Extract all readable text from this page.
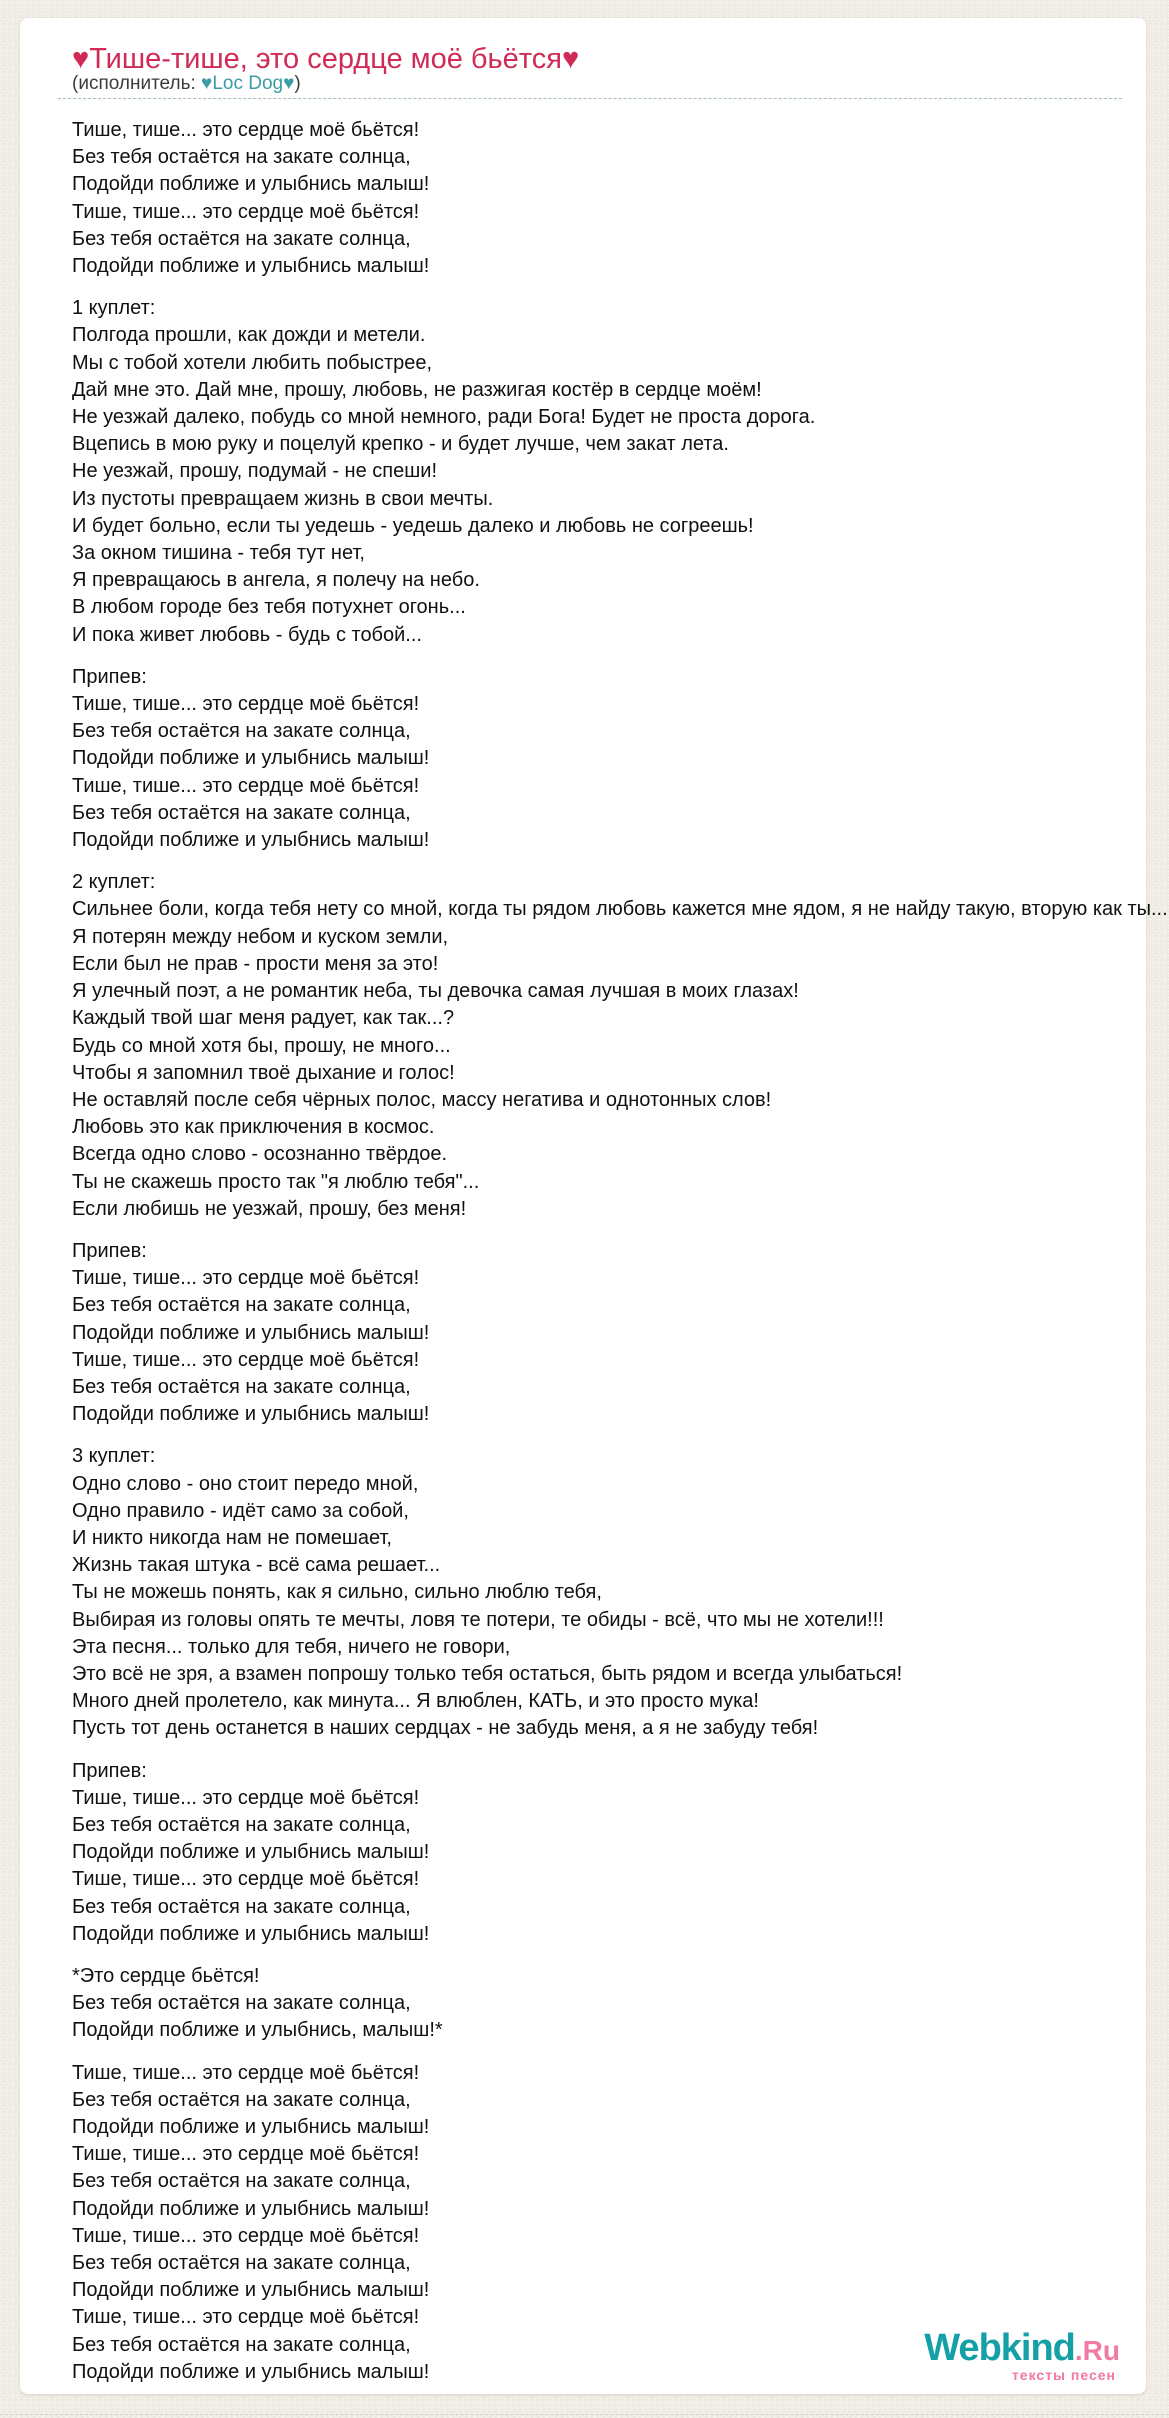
♥Тише-тише, это сердце моё бьётся♥
(исполнитель: ♥Loc Dog♥)

Тише, тише... это сердце моё бьётся!
Без тебя остаётся на закате солнца,
Подойди поближе и улыбнись малыш!
Тише, тише... это сердце моё бьётся!
Без тебя остаётся на закате солнца,
Подойди поближе и улыбнись малыш!

1 куплет:
Полгода прошли, как дожди и метели.
Мы с тобой хотели любить побыстрее,
Дай мне это. Дай мне, прошу, любовь, не разжигая костёр в сердце моём!
Не уезжай далеко, побудь со мной немного, ради Бога! Будет не проста дорога.
Вцепись в мою руку и поцелуй крепко - и будет лучше, чем закат лета.
Не уезжай, прошу, подумай - не спеши!
Из пустоты превращаем жизнь в свои мечты.
И будет больно, если ты уедешь - уедешь далеко и любовь не согреешь!
За окном тишина - тебя тут нет,
Я превращаюсь в ангела, я полечу на небо.
В любом городе без тебя потухнет огонь...
И пока живет любовь - будь с тобой...

Припев:
Тише, тише... это сердце моё бьётся!
Без тебя остаётся на закате солнца,
Подойди поближе и улыбнись малыш!
Тише, тише... это сердце моё бьётся!
Без тебя остаётся на закате солнца,
Подойди поближе и улыбнись малыш!

2 куплет:
Сильнее боли, когда тебя нету со мной, когда ты рядом любовь кажется мне ядом, я не найду такую, вторую как ты...
Я потерян между небом и куском земли,
Если был не прав - прости меня за это!
Я улечный поэт, а не романтик неба, ты девочка самая лучшая в моих глазах!
Каждый твой шаг меня радует, как так...?
Будь со мной хотя бы, прошу, не много...
Чтобы я запомнил твоё дыхание и голос!
Не оставляй после себя чёрных полос, массу негатива и однотонных слов!
Любовь это как приключения в космос.
Всегда одно слово - осознанно твёрдое.
Ты не скажешь просто так "я люблю тебя"...
Если любишь не уезжай, прошу, без меня!

Припев:
Тише, тише... это сердце моё бьётся!
Без тебя остаётся на закате солнца,
Подойди поближе и улыбнись малыш!
Тише, тише... это сердце моё бьётся!
Без тебя остаётся на закате солнца,
Подойди поближе и улыбнись малыш!

3 куплет:
Одно слово - оно стоит передо мной,
Одно правило - идёт само за собой,
И никто никогда нам не помешает,
Жизнь такая штука - всё сама решает...
Ты не можешь понять, как я сильно, сильно люблю тебя,
Выбирая из головы опять те мечты, ловя те потери, те обиды - всё, что мы не хотели!!!
Эта песня... только для тебя, ничего не говори,
Это всё не зря, а взамен попрошу только тебя остаться, быть рядом и всегда улыбаться!
Много дней пролетело, как минута... Я влюблен, КАТЬ, и это просто мука!
Пусть тот день останется в наших сердцах - не забудь меня, а я не забуду тебя!

Припев:
Тише, тише... это сердце моё бьётся!
Без тебя остаётся на закате солнца,
Подойди поближе и улыбнись малыш!
Тише, тише... это сердце моё бьётся!
Без тебя остаётся на закате солнца,
Подойди поближе и улыбнись малыш!

*Это сердце бьётся!
Без тебя остаётся на закате солнца,
Подойди поближе и улыбнись, малыш!*

Тише, тише... это сердце моё бьётся!
Без тебя остаётся на закате солнца,
Подойди поближе и улыбнись малыш!
Тише, тише... это сердце моё бьётся!
Без тебя остаётся на закате солнца,
Подойди поближе и улыбнись малыш!
Тише, тише... это сердце моё бьётся!
Без тебя остаётся на закате солнца,
Подойди поближе и улыбнись малыш!
Тише, тише... это сердце моё бьётся!
Без тебя остаётся на закате солнца,
Подойди поближе и улыбнись малыш!

Webkind.Ru
тексты песен
